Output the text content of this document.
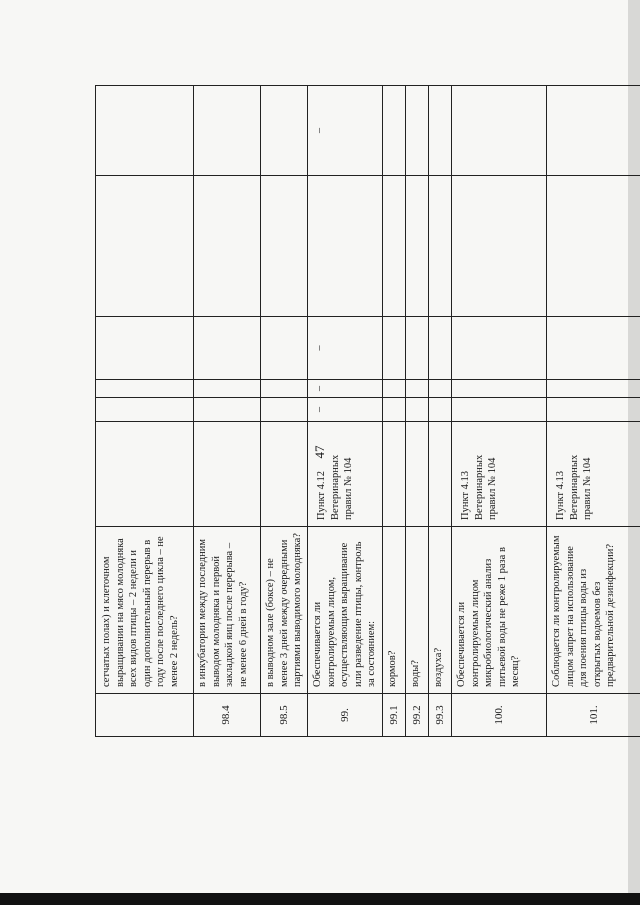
47
сетчатых полах) и клеточном выращивании на мясо молодняка всех видов птицы – 2 недели и один дополнительный перерыв в году после последнего цикла – не менее 2 недель?
98.4
в инкубатории между последним выводом молодняка и первой закладкой яиц после перерыва – не менее 6 дней в году?
98.5
в выводном зале (боксе) – не менее 3 дней между очередными партиями выводимого молодняка?
99.
Обеспечивается ли контролируемым лицом, осуществляющим выращивание или разведение птицы, контроль за состоянием:
Пункт 4.12 Ветеринарных правил № 104
–
–
–
–
99.1
кормов?
99.2
воды?
99.3
воздуха?
100.
Обеспечивается ли контролируемым лицом микробиологический анализ питьевой воды не реже 1 раза в месяц?
Пункт 4.13 Ветеринарных правил № 104
101.
Соблюдается ли контролируемым лицом запрет на использование для поения птицы воды из открытых водоемов без предварительной дезинфекции?
Пункт 4.13 Ветеринарных правил № 104
